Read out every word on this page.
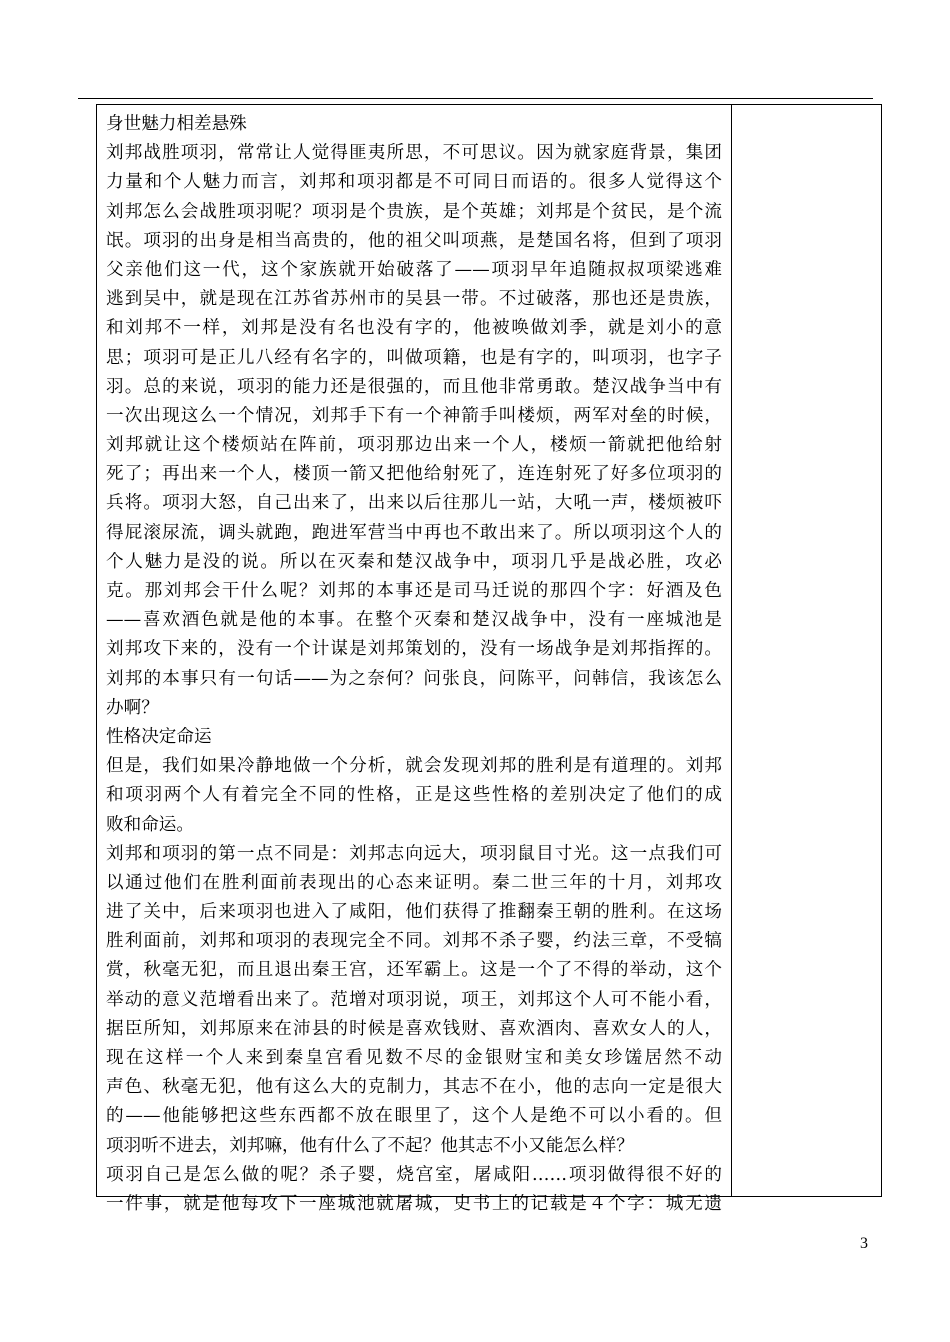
身世魅力相差悬殊
刘邦战胜项羽，常常让人觉得匪夷所思，不可思议。因为就家庭背景，集团
力量和个人魅力而言，刘邦和项羽都是不可同日而语的。很多人觉得这个
刘邦怎么会战胜项羽呢？项羽是个贵族，是个英雄；刘邦是个贫民，是个流
氓。项羽的出身是相当高贵的，他的祖父叫项燕，是楚国名将，但到了项羽
父亲他们这一代，这个家族就开始破落了——项羽早年追随叔叔项梁逃难
逃到吴中，就是现在江苏省苏州市的吴县一带。不过破落，那也还是贵族，
和刘邦不一样，刘邦是没有名也没有字的，他被唤做刘季，就是刘小的意
思；项羽可是正儿八经有名字的，叫做项籍，也是有字的，叫项羽，也字子
羽。总的来说，项羽的能力还是很强的，而且他非常勇敢。楚汉战争当中有
一次出现这么一个情况，刘邦手下有一个神箭手叫楼烦，两军对垒的时候，
刘邦就让这个楼烦站在阵前，项羽那边出来一个人，楼烦一箭就把他给射
死了；再出来一个人，楼顶一箭又把他给射死了，连连射死了好多位项羽的
兵将。项羽大怒，自己出来了，出来以后往那儿一站，大吼一声，楼烦被吓
得屁滚尿流，调头就跑，跑进军营当中再也不敢出来了。所以项羽这个人的
个人魅力是没的说。所以在灭秦和楚汉战争中，项羽几乎是战必胜，攻必
克。那刘邦会干什么呢？刘邦的本事还是司马迁说的那四个字：好酒及色
——喜欢酒色就是他的本事。在整个灭秦和楚汉战争中，没有一座城池是
刘邦攻下来的，没有一个计谋是刘邦策划的，没有一场战争是刘邦指挥的。
刘邦的本事只有一句话——为之奈何？问张良，问陈平，问韩信，我该怎么
办啊？
性格决定命运
但是，我们如果冷静地做一个分析，就会发现刘邦的胜利是有道理的。刘邦
和项羽两个人有着完全不同的性格，正是这些性格的差别决定了他们的成
败和命运。
刘邦和项羽的第一点不同是：刘邦志向远大，项羽鼠目寸光。这一点我们可
以通过他们在胜利面前表现出的心态来证明。秦二世三年的十月，刘邦攻
进了关中，后来项羽也进入了咸阳，他们获得了推翻秦王朝的胜利。在这场
胜利面前，刘邦和项羽的表现完全不同。刘邦不杀子婴，约法三章，不受犒
赏，秋毫无犯，而且退出秦王宫，还军霸上。这是一个了不得的举动，这个
举动的意义范增看出来了。范增对项羽说，项王，刘邦这个人可不能小看，
据臣所知，刘邦原来在沛县的时候是喜欢钱财、喜欢酒肉、喜欢女人的人，
现在这样一个人来到秦皇宫看见数不尽的金银财宝和美女珍馐居然不动
声色、秋毫无犯，他有这么大的克制力，其志不在小，他的志向一定是很大
的——他能够把这些东西都不放在眼里了，这个人是绝不可以小看的。但
项羽听不进去，刘邦嘛，他有什么了不起？他其志不小又能怎么样？
项羽自己是怎么做的呢？杀子婴，烧宫室，屠咸阳……项羽做得很不好的
一件事，就是他每攻下一座城池就屠城，史书上的记载是４个字：城无遗
3
